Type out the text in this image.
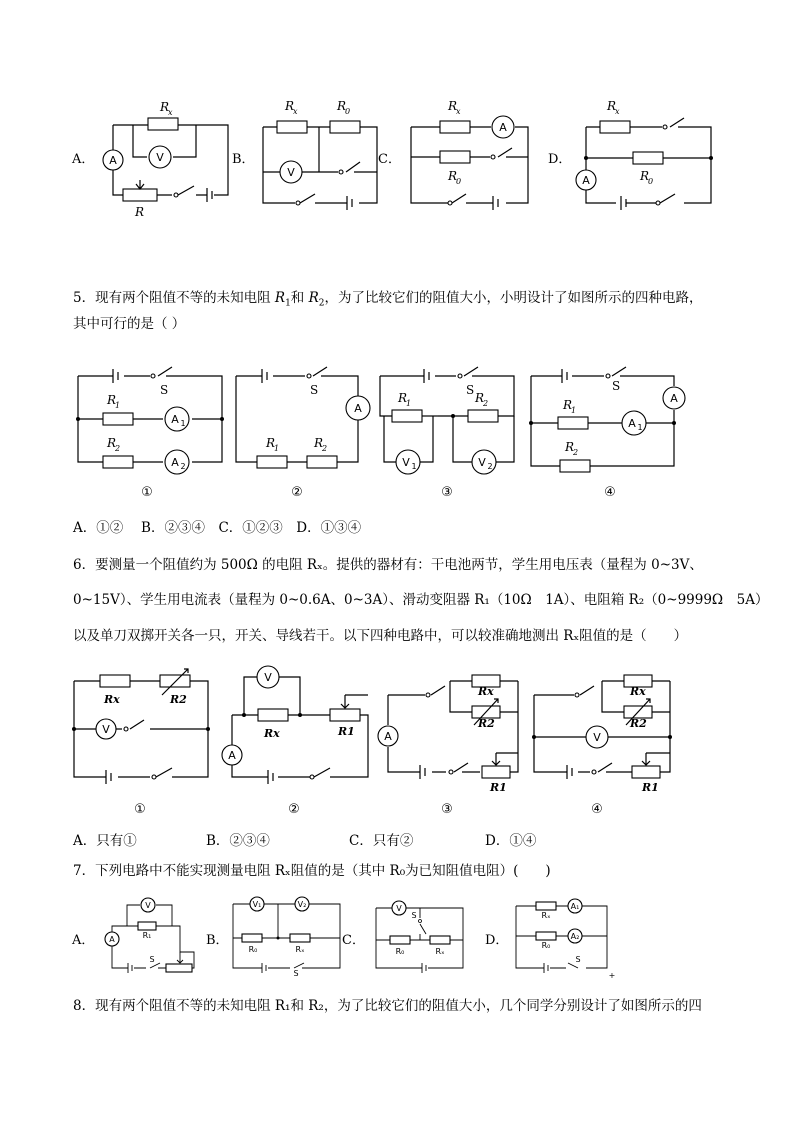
A．	B．	C．	D．
A	V
R
x
R
V
R
x	R
0
A
R
x
R
0	A
R
x
R
0
5．现有两个阻值不等的未知电阻 $R_1$和 $R_2$，为了比较它们的阻值大小，小明设计了如图所示的四种电路，
其中可行的是（ ）
A 1
A 2
R
1
R
2
S
A
R
1	R
2
S
V 1	V 2
R
1	R
2
S
A
A 1
R
1
R
2
S
①	②	③	④
A．①②　 B．②③④　C．①②③　D．①③④
6．要测量一个阻值约为 500Ω 的电阻 Rₓ。提供的器材有：干电池两节，学生用电压表（量程为 0~3V、
0~15V）、学生用电流表（量程为 0~0.6A、0~3A）、滑动变阻器 R₁（10Ω　1A）、电阻箱 R₂（0~9999Ω　5A）
以及单刀双掷开关各一只，开关、导线若干。以下四种电路中，可以较准确地测出 Rₓ阻值的是（　　）
V
Rx	R2
V
A
Rx	R1	A
Rx
R2
R1
V
Rx
R2
R1
①	②	③	④
A．只有①	B．②③④	C．只有②	D．①④
7．下列电路中不能实现测量电阻 Rₓ阻值的是（其中 R₀为已知阻值电阻）(　　)
A．	B．	C．	D．
V
A	R₁
S
V₁	V₂
R₀	Rₓ
S
V
S
R₀	Rₓ
A₁
A₂
Rₓ
R₀
S
+
8．现有两个阻值不等的未知电阻 R₁和 R₂，为了比较它们的阻值大小，几个同学分别设计了如图所示的四
